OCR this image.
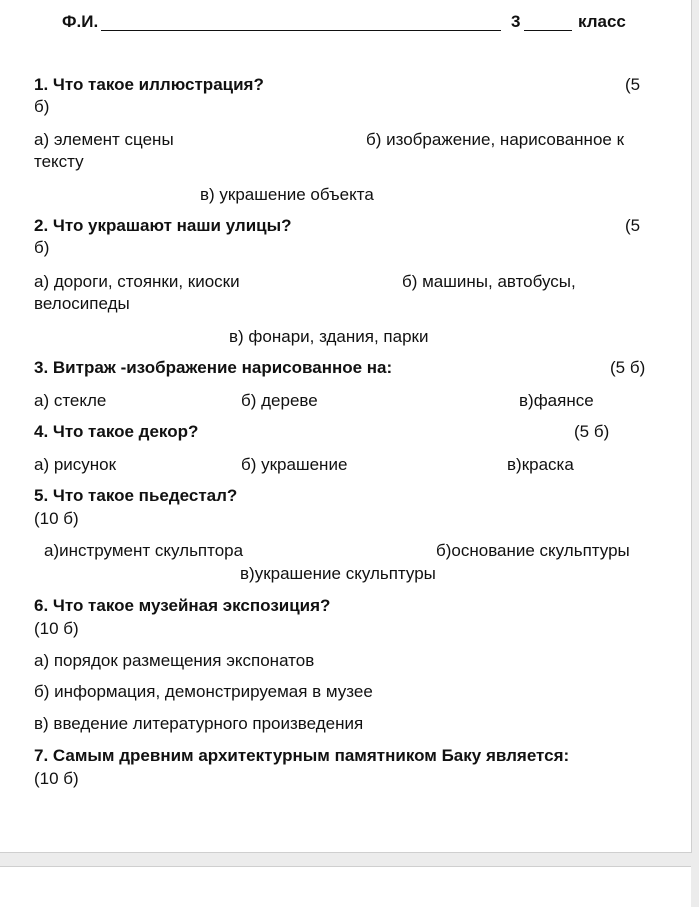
Ф.И.	3	класс
1. Что такое иллюстрация?	(5
б)
а) элемент сцены	б) изображение, нарисованное к
тексту
в) украшение объекта
2. Что украшают наши улицы?	(5
б)
а) дороги, стоянки, киоски	б) машины, автобусы,
велосипеды
в) фонари, здания, парки
3. Витраж -изображение нарисованное на:	(5 б)
а) стекле	б) дереве	в)фаянсе
4. Что такое декор?	(5 б)
а) рисунок	б) украшение	в)краска
5. Что такое пьедестал?
(10 б)
а)инструмент скульптора	б)основание скульптуры
в)украшение скульптуры
6. Что такое музейная экспозиция?
(10 б)
а) порядок размещения экспонатов
б) информация, демонстрируемая в музее
в) введение литературного произведения
7. Самым древним архитектурным памятником Баку является:
(10 б)
